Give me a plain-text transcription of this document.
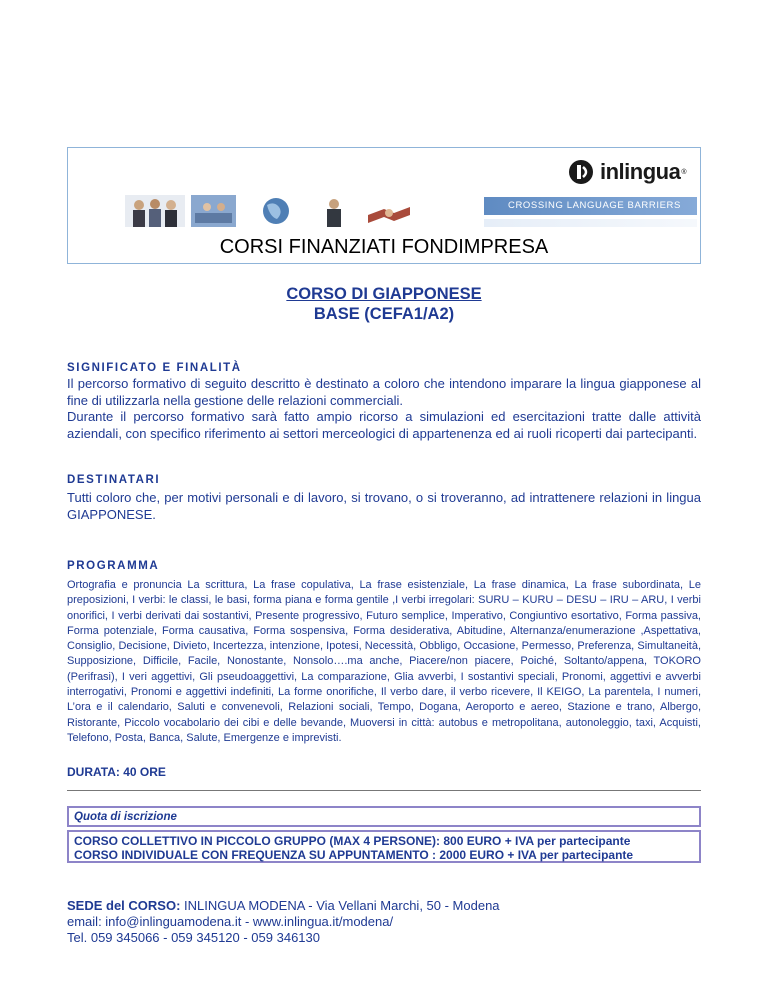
inlingua ®
CROSSING LANGUAGE BARRIERS
CORSI FINANZIATI FONDIMPRESA
CORSO DI GIAPPONESE
BASE (CEFA1/A2)
SIGNIFICATO E FINALITÀ

Il percorso formativo di seguito descritto è destinato a coloro che intendono imparare la lingua giapponese al fine di utilizzarla nella gestione delle relazioni commerciali.

Durante il percorso formativo sarà fatto ampio ricorso a simulazioni ed esercitazioni tratte dalle attività aziendali, con specifico riferimento ai settori merceologici di appartenenza ed ai ruoli ricoperti dai partecipanti.

DESTINATARI
Tutti coloro che, per motivi personali e di lavoro, si trovano, o si troveranno, ad intrattenere relazioni in lingua GIAPPONESE.
PROGRAMMA
Ortografia e pronuncia La scrittura, La frase copulativa, La frase esistenziale, La frase dinamica, La frase subordinata, Le preposizioni, I verbi: le classi, le basi, forma piana e forma gentile ,I verbi irregolari: SURU – KURU – DESU – IRU – ARU, I verbi onorifici, I verbi derivati dai sostantivi, Presente progressivo, Futuro semplice, Imperativo, Congiuntivo esortativo, Forma passiva, Forma potenziale, Forma causativa, Forma sospensiva, Forma desiderativa, Abitudine, Alternanza/enumerazione ,Aspettativa, Consiglio, Decisione, Divieto, Incertezza, intenzione, Ipotesi, Necessità, Obbligo, Occasione, Permesso, Preferenza, Simultaneità, Supposizione, Difficile, Facile, Nonostante, Nonsolo….ma anche, Piacere/non piacere, Poiché, Soltanto/appena, TOKORO (Perifrasi), I veri aggettivi, Gli pseudoaggettivi, La comparazione, Glia avverbi, I sostantivi speciali, Pronomi, aggettivi e avverbi interrogativi, Pronomi e aggettivi indefiniti, La forme onorifiche, Il verbo dare, il verbo ricevere, Il KEIGO, La parentela, I numeri, L’ora e il calendario, Saluti e convenevoli, Relazioni sociali, Tempo, Dogana, Aeroporto e aereo, Stazione e trano, Albergo, Ristorante, Piccolo vocabolario dei cibi e delle bevande, Muoversi in città: autobus e metropolitana, autonoleggio, taxi, Acquisti, Telefono, Posta, Banca, Salute, Emergenze e imprevisti.
DURATA: 40 ORE
Quota di iscrizione
CORSO COLLETTIVO IN PICCOLO GRUPPO (MAX 4 PERSONE): 800 EURO + IVA per partecipante
CORSO INDIVIDUALE CON FREQUENZA SU APPUNTAMENTO : 2000 EURO + IVA per partecipante
SEDE del CORSO: INLINGUA MODENA - Via Vellani Marchi, 50 - Modena
email: info@inlinguamodena.it - www.inlingua.it/modena/
Tel. 059 345066 - 059 345120 - 059 346130
